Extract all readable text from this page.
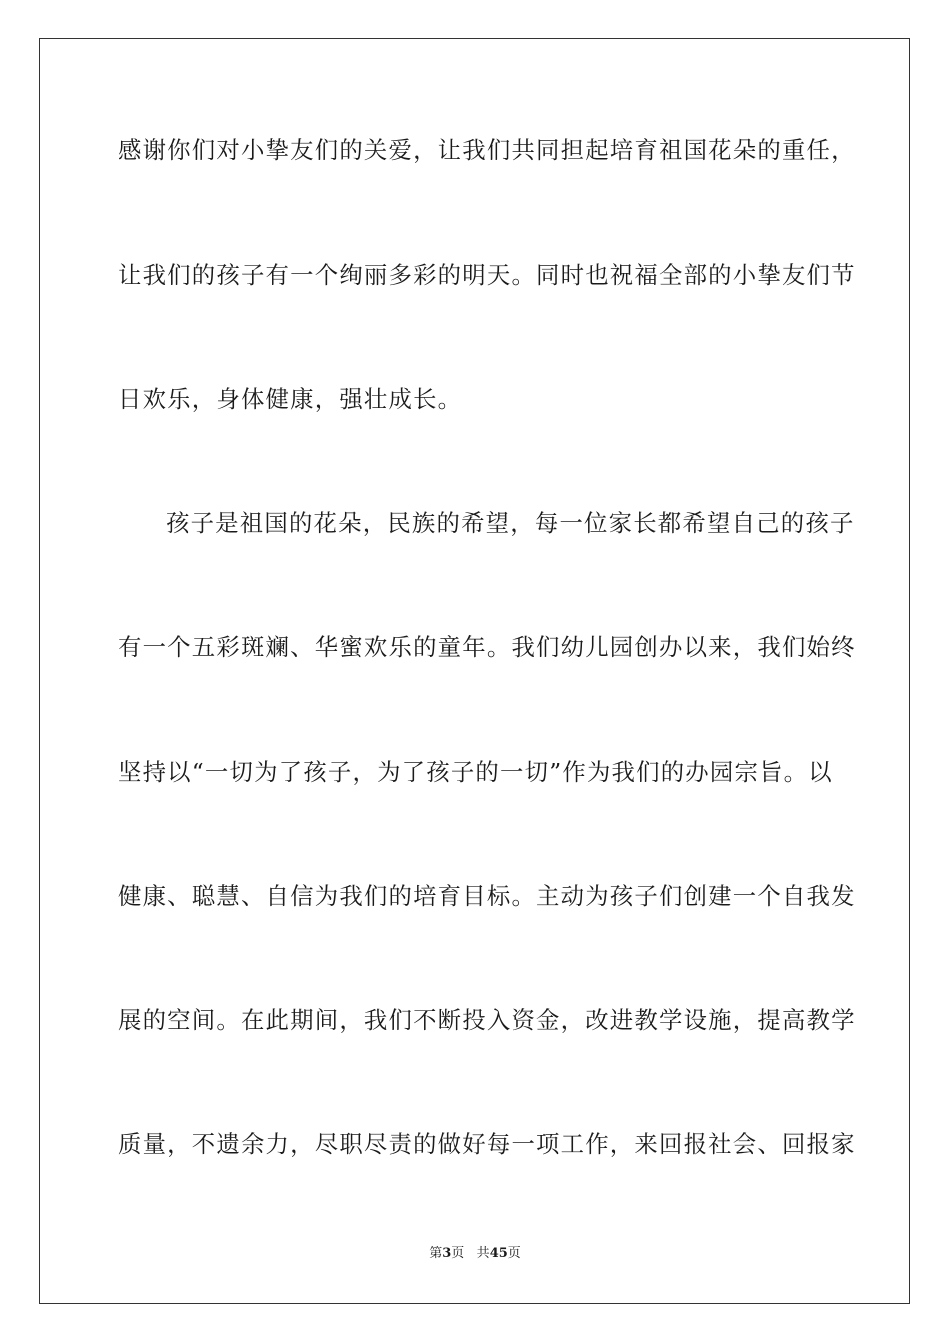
感谢你们对小挚友们的关爱，让我们共同担起培育祖国花朵的重任，
让我们的孩子有一个绚丽多彩的明天。同时也祝福全部的小挚友们节
日欢乐，身体健康，强壮成长。
孩子是祖国的花朵，民族的希望，每一位家长都希望自己的孩子
有一个五彩斑斓、华蜜欢乐的童年。我们幼儿园创办以来，我们始终
坚持以“一切为了孩子，为了孩子的一切”作为我们的办园宗旨。以
健康、聪慧、自信为我们的培育目标。主动为孩子们创建一个自我发
展的空间。在此期间，我们不断投入资金，改进教学设施，提高教学
质量，不遗余力，尽职尽责的做好每一项工作，来回报社会、回报家
第3页 共45页
